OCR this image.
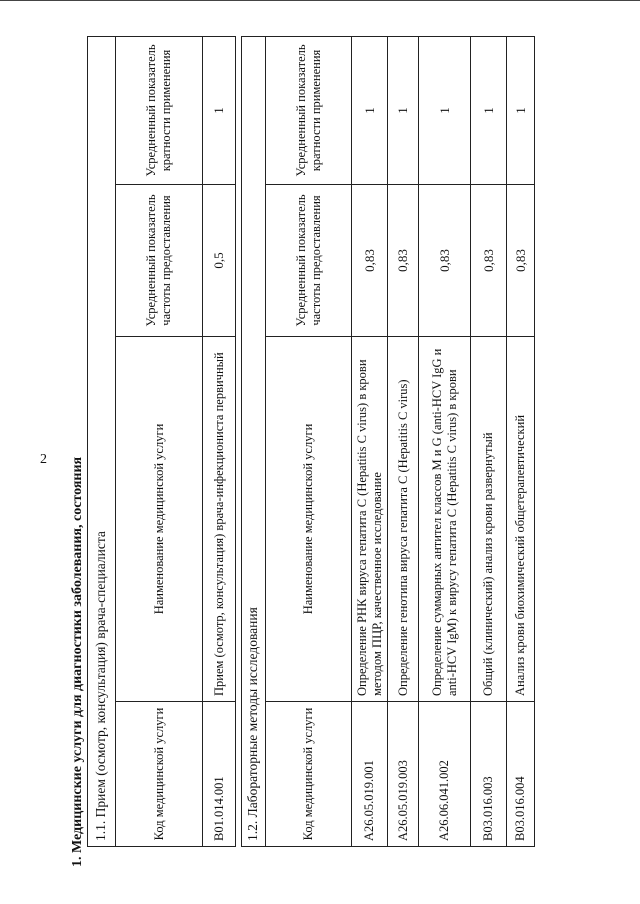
2 1. Медицинские услуги для диагностики заболевания, состояния 1.1. Прием (осмотр, консультация) врача-специалиста			
Код медицинской услуги	Наименование медицинской услуги	Усредненный показатель частоты предоставления	Усредненный показатель кратности применения
B01.014.001	Прием (осмотр, консультация) врача-инфекциониста первичный	0,5	1
1.2. Лабораторные методы исследования			
Код медицинской услуги	Наименование медицинской услуги	Усредненный показатель частоты предоставления	Усредненный показатель кратности применения
A26.05.019.001	Определение РНК вируса гепатита С (Hepatitis C virus) в крови методом ПЦР, качественное исследование	0,83	1
A26.05.019.003	Определение генотипа вируса гепатита С (Hepatitis C virus)	0,83	1
A26.06.041.002	Определение суммарных антител классов M и G (anti-HCV IgG и anti-HCV IgM) к вирусу гепатита С (Hepatitis C virus) в крови	0,83	1
B03.016.003	Общий (клинический) анализ крови развернутый	0,83	1
B03.016.004	Анализ крови биохимический общетерапевтический	0,83	1
